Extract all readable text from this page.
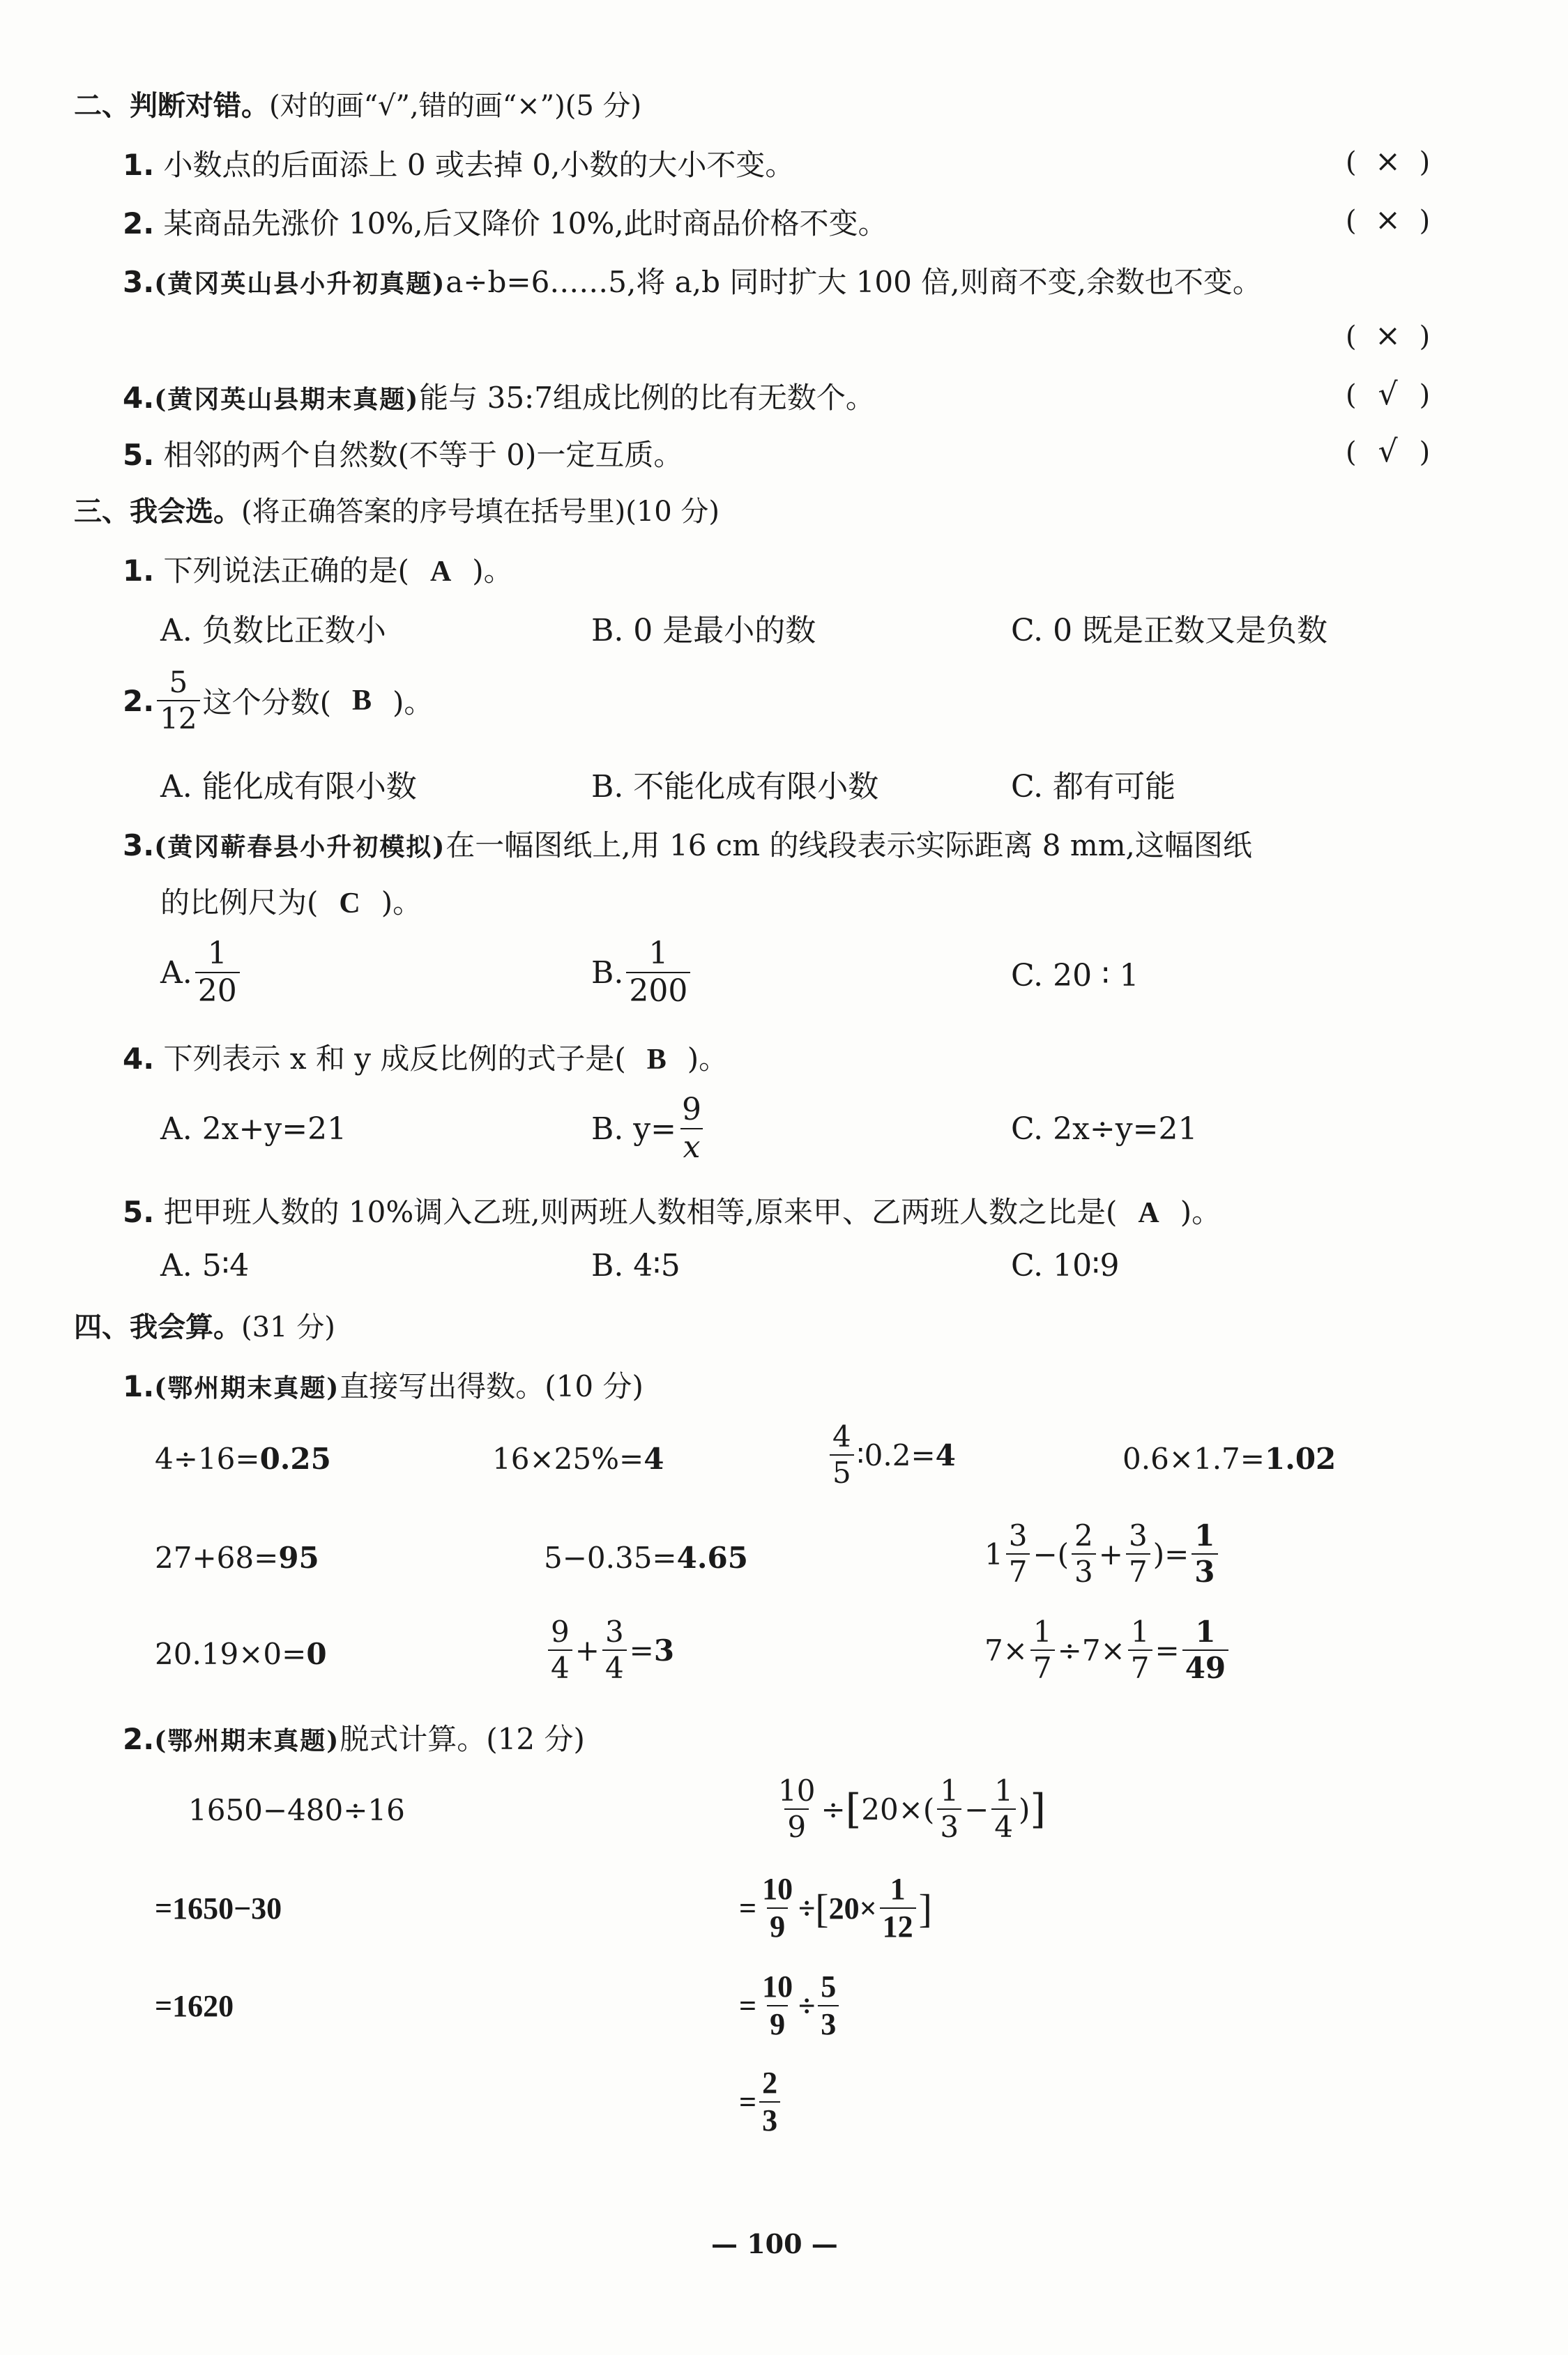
二、判断对错。(对的画“√”,错的画“×”)(5 分)
1. 小数点的后面添上 0 或去掉 0,小数的大小不变。	( × )
2. 某商品先涨价 10%,后又降价 10%,此时商品价格不变。	( × )
3.(黄冈英山县小升初真题)a÷b=6……5,将 a,b 同时扩大 100 倍,则商不变,余数也不变。
( × )
4.(黄冈英山县期末真题)能与 35:7组成比例的比有无数个。	( √ )
5. 相邻的两个自然数(不等于 0)一定互质。	( √ )
三、我会选。(将正确答案的序号填在括号里)(10 分)
1. 下列说法正确的是( A )。
A. 负数比正数小	B. 0 是最小的数	C. 0 既是正数又是负数
2. $\frac{5}{12}$ 这个分数( B )。
A. 能化成有限小数	B. 不能化成有限小数	C. 都有可能
3.(黄冈蕲春县小升初模拟)在一幅图纸上,用 16 cm 的线段表示实际距离 8 mm,这幅图纸
的比例尺为( C )。
A. $\frac{1}{20}$	B. $\frac{1}{200}$	C. 20 ∶ 1
4. 下列表示 x 和 y 成反比例的式子是( B )。
A. 2x+y=21	B. $y= \frac{9}{x}$	C. 2x÷y=21
5. 把甲班人数的 10%调入乙班,则两班人数相等,原来甲、乙两班人数之比是( A )。
A. 5∶4	B. 4∶5	C. 10∶9
四、我会算。(31 分)
1.(鄂州期末真题)直接写出得数。(10 分)
4÷16=0.25	16×25%=4	$\frac{4}{5}$ ∶0.2= 4	0.6×1.7=1.02
27+68=95	5−0.35=4.65	$1 \frac{3}{7}$ −( $\frac{2}{3} + \frac{3}{7}$ )= $\frac{1}{3}$
20.19×0=0	$\frac{9}{4} + \frac{3}{4} = 3$	$7\times \frac{1}{7} \div 7\times \frac{1}{7} = \frac{1}{49}$
2.(鄂州期末真题)脱式计算。(12 分)
1650−480÷16
=1650−30
=1620
$\frac{10}{9}$ ÷ [ $20\times( \frac{1}{3} - \frac{1}{4}$ ) ]
= $\frac{10}{9}$ ÷ [ $20\times \frac{1}{12}$ ]
= $\frac{10}{9} \div \frac{5}{3}$
= $\frac{2}{3}$
— 100 —
